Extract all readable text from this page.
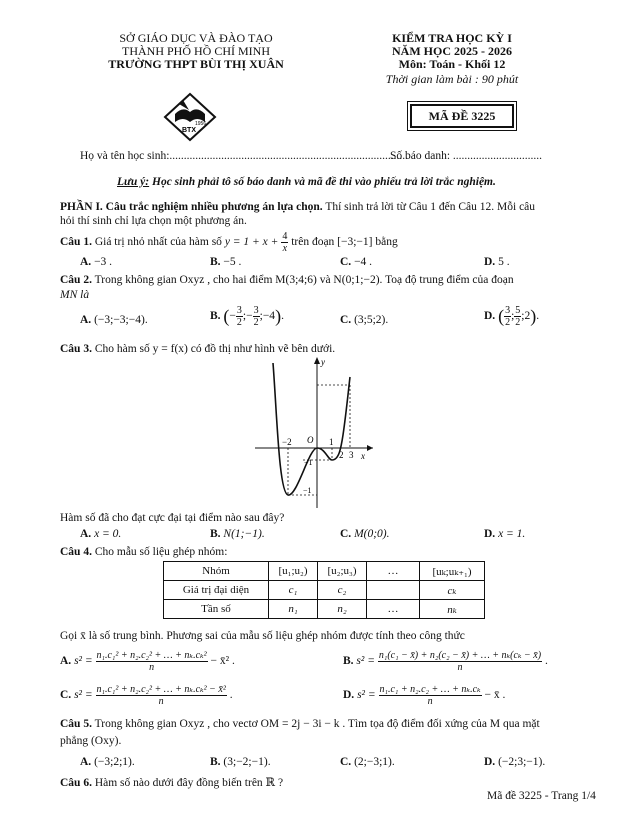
SỞ GIÁO DỤC VÀ ĐÀO TẠO
THÀNH PHỐ HỒ CHÍ MINH
TRƯỜNG THPT BÙI THỊ XUÂN
KIỂM TRA HỌC KỲ I
NĂM HỌC 2025 - 2026
Môn: Toán - Khối 12
Thời gian làm bài : 90 phút
MÃ ĐỀ 3225
BTX
1956
Họ và tên học sinh:...................................................................................
Số báo danh: ...............................
Lưu ý: Học sinh phải tô số báo danh và mã đề thi vào phiếu trả lời trắc nghiệm.
PHẦN I. Câu trắc nghiệm nhiều phương án lựa chọn. Thí sinh trả lời từ Câu 1 đến Câu 12. Mỗi câu
hỏi thí sinh chỉ lựa chọn một phương án.
Câu 1. Giá trị nhỏ nhất của hàm số $y = 1 + x + \frac{4}{x}$ trên đoạn [−3;−1] bằng
A. −3 .	B. −5 .	C. −4 .	D. 5 .
Câu 2. Trong không gian Oxyz , cho hai điểm M(3;4;6) và N(0;1;−2). Toạ độ trung điểm của đoạn
MN là
A. (−3;−3;−4).	B. (− $\frac{3}{2}$ ;− $\frac{3}{2}$ ;−4).	C. (3;5;2).	D. ( $\frac{3}{2}$ ; $\frac{5}{2}$ ;2).
Câu 3. Cho hàm số y = f(x) có đồ thị như hình vẽ bên dưới.
y
x
O
−2	1
2 3
−1
−1
Hàm số đã cho đạt cực đại tại điểm nào sau đây?
A. x = 0.	B. N(1;−1).	C. M(0;0).	D. x = 1.
Câu 4. Cho mẫu số liệu ghép nhóm:
Nhóm	[u₁;u₂)	[u₂;u₃)	…	[uₖ;uₖ₊₁)
Giá trị đại diện	c₁	c₂		cₖ
Tần số	n₁	n₂	…	nₖ
Gọi x̄ là số trung bình. Phương sai của mẫu số liệu ghép nhóm được tính theo công thức
A. $s^2 = \frac{\text{n₁.c₁² + n₂.c₂² + … + nₖ.cₖ²}}{n}$ − x̄² .	B. $s^2 = \frac{\text{n₁(c₁ − x̄) + n₂(c₂ − x̄) + … + nₖ(cₖ − x̄)}}{n}$ .
C. $s^2 = \frac{\text{n₁.c₁² + n₂.c₂² + … + nₖ.cₖ² − x̄²}}{n}$ .	D. $s^2 = \frac{\text{n₁.c₁ + n₂.c₂ + … + nₖ.cₖ}}{n}$ − x̄ .
Câu 5. Trong không gian Oxyz , cho vectơ OM = 2j − 3i − k . Tìm tọa độ điểm đối xứng của M qua mặt
phẳng (Oxy).
A. (−3;2;1).	B. (3;−2;−1).	C. (2;−3;1).	D. (−2;3;−1).
Câu 6. Hàm số nào dưới đây đồng biến trên ℝ ?
Mã đề 3225 - Trang 1/4
